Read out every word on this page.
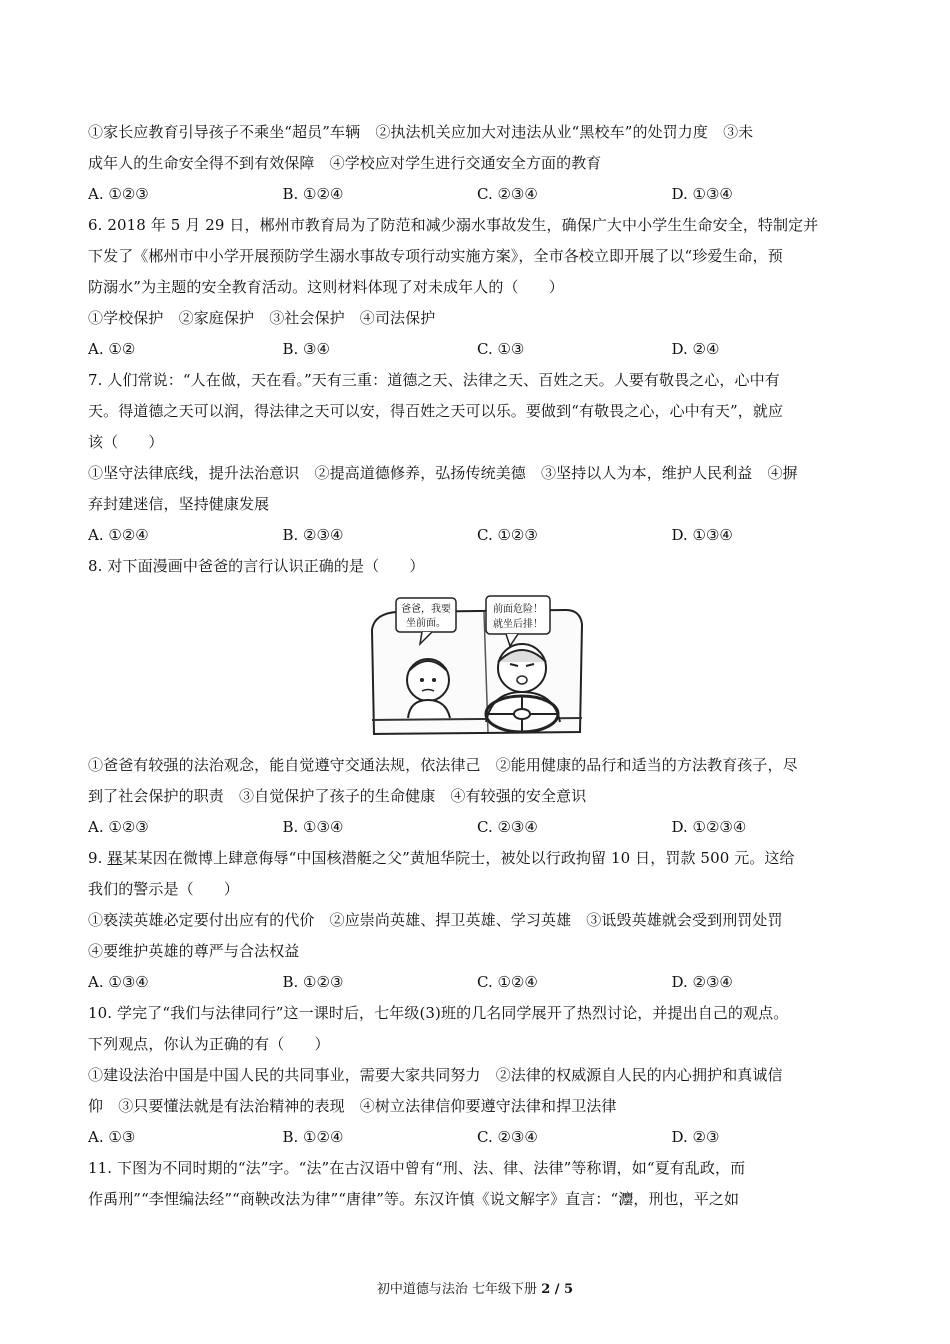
①家长应教育引导孩子不乘坐“超员”车辆　②执法机关应加大对违法从业“黑校车”的处罚力度　③未
成年人的生命安全得不到有效保障　④学校应对学生进行交通安全方面的教育
A. ①②③	B. ①②④	C. ②③④	D. ①③④
6. 2018 年 5 月 29 日，郴州市教育局为了防范和减少溺水事故发生，确保广大中小学生生命安全，特制定并
下发了《郴州市中小学开展预防学生溺水事故专项行动实施方案》，全市各校立即开展了以“珍爱生命，预
防溺水”为主题的安全教育活动。这则材料体现了对未成年人的（　　）
①学校保护　②家庭保护　③社会保护　④司法保护
A. ①②	B. ③④	C. ①③	D. ②④
7. 人们常说：“人在做，天在看。”天有三重：道德之天、法律之天、百姓之天。人要有敬畏之心，心中有
天。得道德之天可以润，得法律之天可以安，得百姓之天可以乐。要做到“有敬畏之心，心中有天”，就应
该（　　）
①坚守法律底线，提升法治意识　②提高道德修养，弘扬传统美德　③坚持以人为本，维护人民利益　④摒
弃封建迷信，坚持健康发展
A. ①②④	B. ②③④	C. ①②③	D. ①③④
8. 对下面漫画中爸爸的言行认识正确的是（　　）
爸爸，我要
坐前面。
前面危险！
就坐后排！
①爸爸有较强的法治观念，能自觉遵守交通法规，依法律己　②能用健康的品行和适当的方法教育孩子，尽
到了社会保护的职责　③自觉保护了孩子的生命健康　④有较强的安全意识
A. ①②③	B. ①③④	C. ②③④	D. ①②③④
9. 槑某某因在微博上肆意侮辱“中国核潜艇之父”黄旭华院士，被处以行政拘留 10 日，罚款 500 元。这给
我们的警示是（　　）
①亵渎英雄必定要付出应有的代价　②应崇尚英雄、捍卫英雄、学习英雄　③诋毁英雄就会受到刑罚处罚
④要维护英雄的尊严与合法权益
A. ①③④	B. ①②③	C. ①②④	D. ②③④
10. 学完了“我们与法律同行”这一课时后，七年级(3)班的几名同学展开了热烈讨论，并提出自己的观点。
下列观点，你认为正确的有（　　）
①建设法治中国是中国人民的共同事业，需要大家共同努力　②法律的权威源自人民的内心拥护和真诚信
仰　③只要懂法就是有法治精神的表现　④树立法律信仰要遵守法律和捍卫法律
A. ①③	B. ①②④	C. ②③④	D. ②③
11. 下图为不同时期的“法”字。“法”在古汉语中曾有“刑、法、律、法律”等称谓，如“夏有乱政，而
作禹刑”“李悝编法经”“商鞅改法为律”“唐律”等。东汉许慎《说文解字》直言：“灋，刑也，平之如
初中道德与法治 七年级下册 2 / 5
